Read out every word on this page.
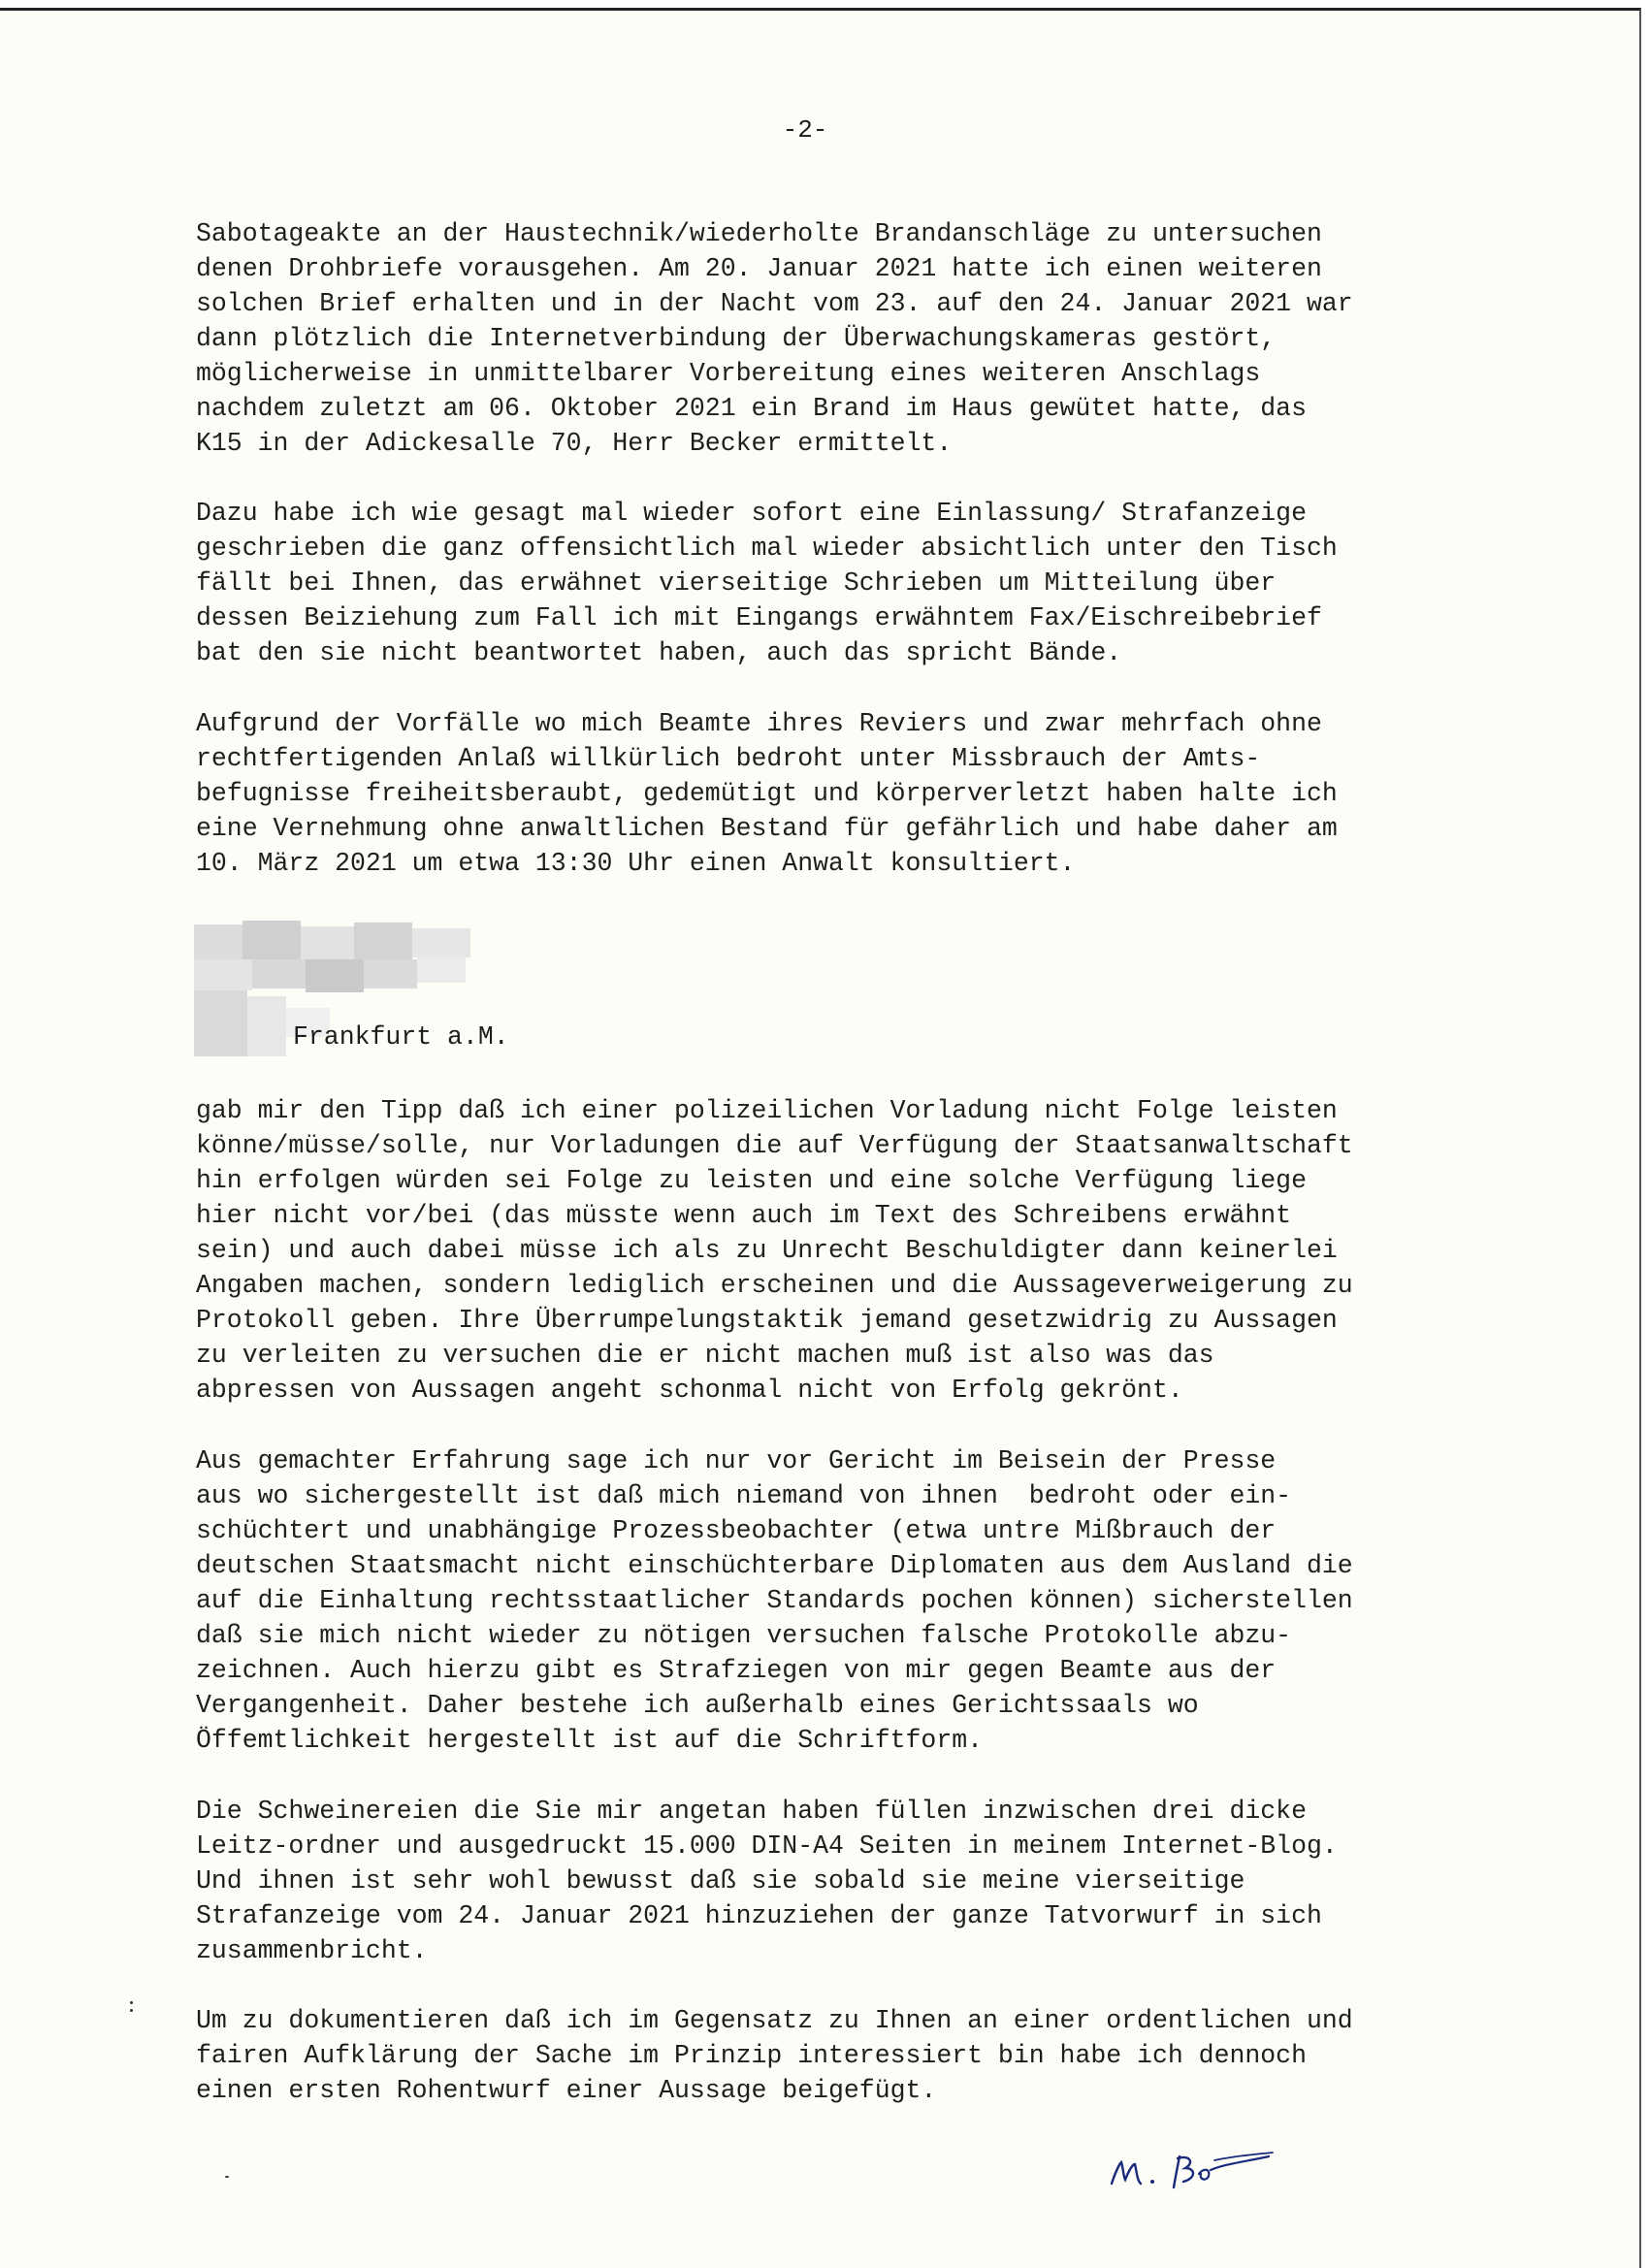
-2-

Sabotageakte an der Haustechnik/wiederholte Brandanschläge zu untersuchen
denen Drohbriefe vorausgehen. Am 20. Januar 2021 hatte ich einen weiteren
solchen Brief erhalten und in der Nacht vom 23. auf den 24. Januar 2021 war
dann plötzlich die Internetverbindung der Überwachungskameras gestört,
möglicherweise in unmittelbarer Vorbereitung eines weiteren Anschlags
nachdem zuletzt am 06. Oktober 2021 ein Brand im Haus gewütet hatte, das
K15 in der Adickesalle 70, Herr Becker ermittelt.

Dazu habe ich wie gesagt mal wieder sofort eine Einlassung/ Strafanzeige
geschrieben die ganz offensichtlich mal wieder absichtlich unter den Tisch
fällt bei Ihnen, das erwähnet vierseitige Schrieben um Mitteilung über
dessen Beiziehung zum Fall ich mit Eingangs erwähntem Fax/Eischreibebrief
bat den sie nicht beantwortet haben, auch das spricht Bände.

Aufgrund der Vorfälle wo mich Beamte ihres Reviers und zwar mehrfach ohne
rechtfertigenden Anlaß willkürlich bedroht unter Missbrauch der Amts-
befugnisse freiheitsberaubt, gedemütigt und körperverletzt haben halte ich
eine Vernehmung ohne anwaltlichen Bestand für gefährlich und habe daher am
10. März 2021 um etwa 13:30 Uhr einen Anwalt konsultiert.

Frankfurt a.M.

gab mir den Tipp daß ich einer polizeilichen Vorladung nicht Folge leisten
könne/müsse/solle, nur Vorladungen die auf Verfügung der Staatsanwaltschaft
hin erfolgen würden sei Folge zu leisten und eine solche Verfügung liege
hier nicht vor/bei (das müsste wenn auch im Text des Schreibens erwähnt
sein) und auch dabei müsse ich als zu Unrecht Beschuldigter dann keinerlei
Angaben machen, sondern lediglich erscheinen und die Aussageverweigerung zu
Protokoll geben. Ihre Überrumpelungstaktik jemand gesetzwidrig zu Aussagen
zu verleiten zu versuchen die er nicht machen muß ist also was das
abpressen von Aussagen angeht schonmal nicht von Erfolg gekrönt.

Aus gemachter Erfahrung sage ich nur vor Gericht im Beisein der Presse
aus wo sichergestellt ist daß mich niemand von ihnen  bedroht oder ein-
schüchtert und unabhängige Prozessbeobachter (etwa untre Mißbrauch der
deutschen Staatsmacht nicht einschüchterbare Diplomaten aus dem Ausland die
auf die Einhaltung rechtsstaatlicher Standards pochen können) sicherstellen
daß sie mich nicht wieder zu nötigen versuchen falsche Protokolle abzu-
zeichnen. Auch hierzu gibt es Strafziegen von mir gegen Beamte aus der
Vergangenheit. Daher bestehe ich außerhalb eines Gerichtssaals wo
Öffemtlichkeit hergestellt ist auf die Schriftform.

Die Schweinereien die Sie mir angetan haben füllen inzwischen drei dicke
Leitz-ordner und ausgedruckt 15.000 DIN-A4 Seiten in meinem Internet-Blog.
Und ihnen ist sehr wohl bewusst daß sie sobald sie meine vierseitige
Strafanzeige vom 24. Januar 2021 hinzuziehen der ganze Tatvorwurf in sich
zusammenbricht.

Um zu dokumentieren daß ich im Gegensatz zu Ihnen an einer ordentlichen und
fairen Aufklärung der Sache im Prinzip interessiert bin habe ich dennoch
einen ersten Rohentwurf einer Aussage beigefügt.
